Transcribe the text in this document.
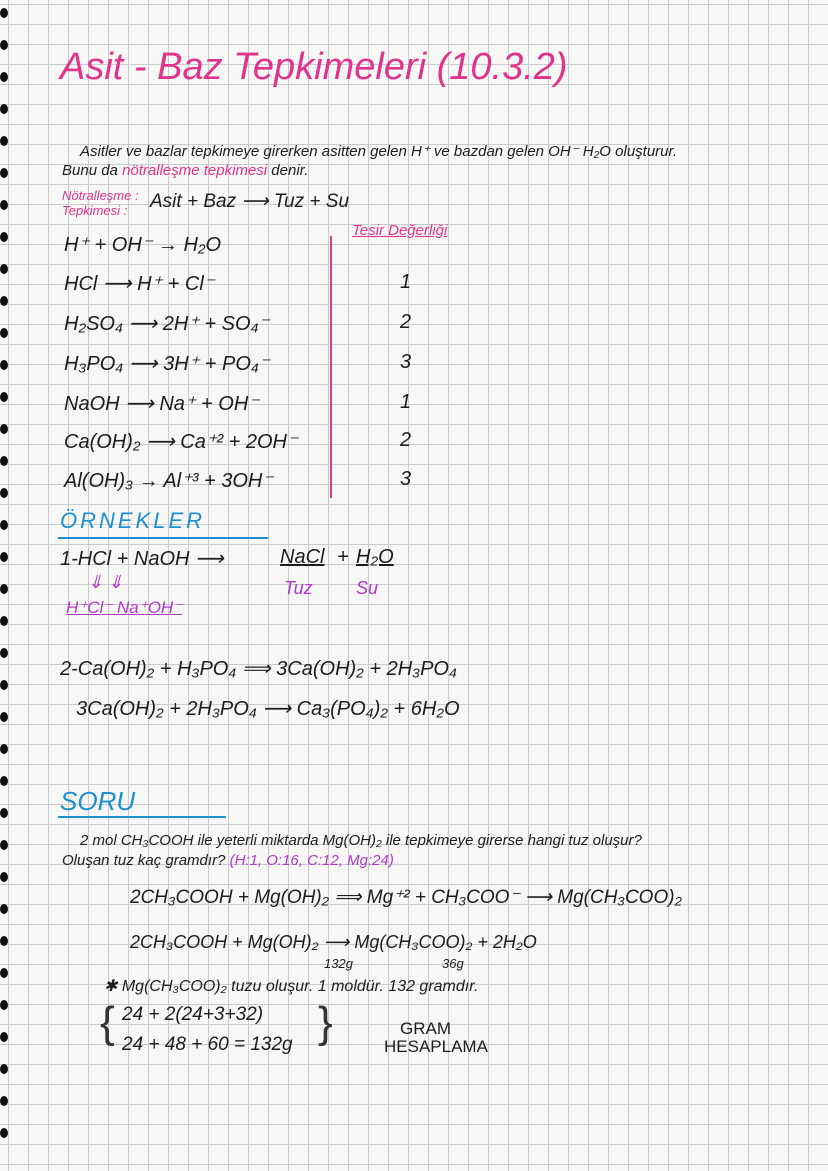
Asit - Baz Tepkimeleri (10.3.2)
Asitler ve bazlar tepkimeye girerken asitten gelen H⁺ ve bazdan gelen OH⁻ H₂O oluşturur.
Bunu da nötralleşme tepkimesi denir.
Nötralleşme :
Tepkimesi :	Asit + Baz ⟶ Tuz + Su
Tesir Değerliği
H⁺ + OH⁻ → H₂O
HCl ⟶ H⁺ + Cl⁻	1
H₂SO₄ ⟶ 2H⁺ + SO₄⁻	2
H₃PO₄ ⟶ 3H⁺ + PO₄⁻	3
NaOH ⟶ Na⁺ + OH⁻	1
Ca(OH)₂ ⟶ Ca⁺² + 2OH⁻	2
Al(OH)₃ → Al⁺³ + 3OH⁻	3
ÖRNEKLER
1-HCl + NaOH ⟶	NaCl + H₂O
⇓ ⇓	Tuz Su
H⁺Cl⁻ Na⁺OH⁻
2-Ca(OH)₂ + H₃PO₄ ⟹ 3Ca(OH)₂ + 2H₃PO₄
3Ca(OH)₂ + 2H₃PO₄ ⟶ Ca₃(PO₄)₂ + 6H₂O
SORU
2 mol CH₃COOH ile yeterli miktarda Mg(OH)₂ ile tepkimeye girerse hangi tuz oluşur?
Oluşan tuz kaç gramdır? (H:1, O:16, C:12, Mg:24)
2CH₃COOH + Mg(OH)₂ ⟹ Mg⁺² + CH₃COO⁻ ⟶ Mg(CH₃COO)₂
2CH₃COOH + Mg(OH)₂ ⟶ Mg(CH₃COO)₂ + 2H₂O
132g	36g
✱ Mg(CH₃COO)₂ tuzu oluşur. 1 moldür. 132 gramdır.
{ 24 + 2(24+3+32)
24 + 48 + 60 = 132g }	GRAM
HESAPLAMA
